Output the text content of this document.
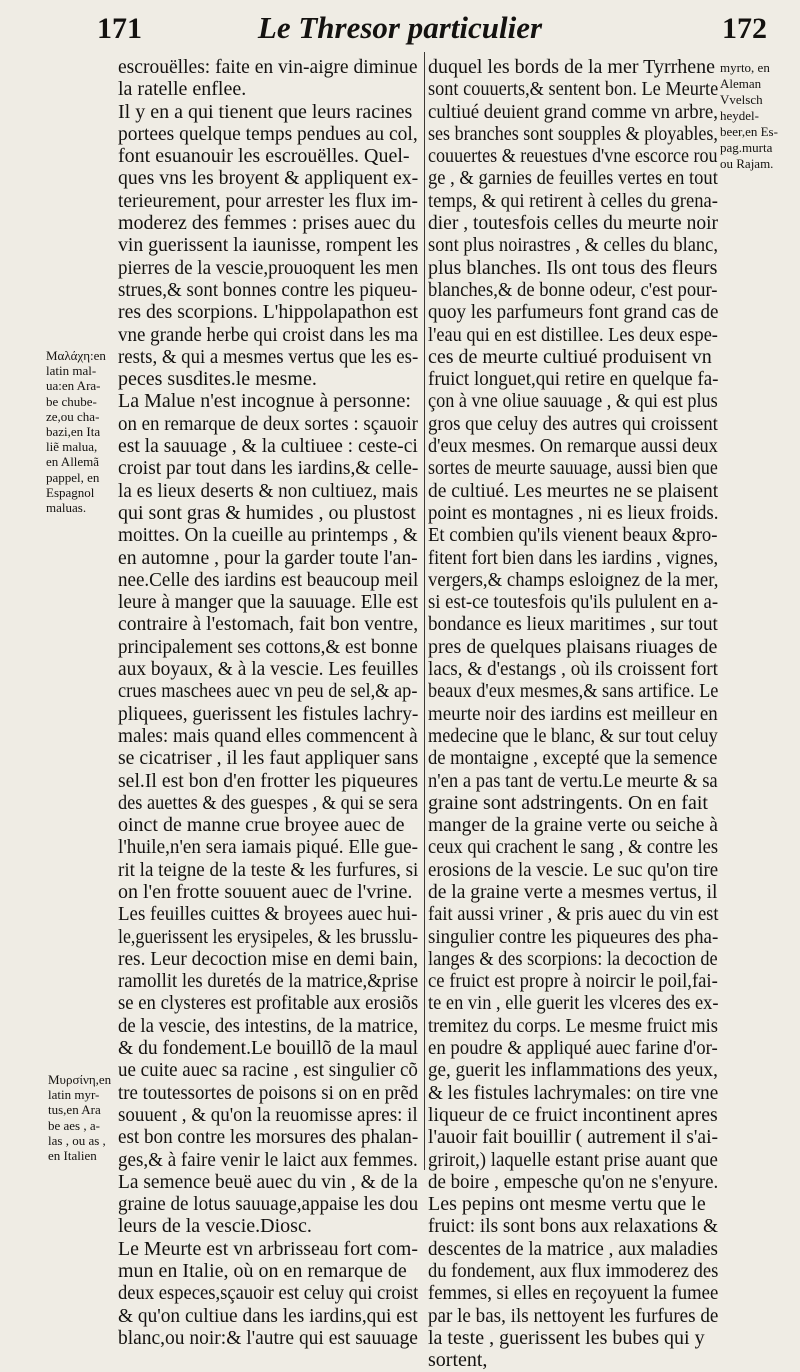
171	Le Thresor particulier	172
escrouëlles: faite en vin-aigre diminue
la ratelle enflee.
Il y en a qui tienent que leurs racines
portees quelque temps pendues au col,
font esuanouir les escrouëlles. Quel-
ques vns les broyent & appliquent ex-
terieurement, pour arrester les flux im-
moderez des femmes : prises auec du
vin guerissent la iaunisse, rompent les
pierres de la vescie,prouoquent les men
strues,& sont bonnes contre les piqueu-
res des scorpions. L'hippolapathon est
vne grande herbe qui croist dans les ma
rests, & qui a mesmes vertus que les es-
peces susdites.le mesme.
La Malue n'est incognue à personne:
on en remarque de deux sortes : sçauoir
est la sauuage , & la cultiuee : ceste-ci
croist par tout dans les iardins,& celle-
la es lieux deserts & non cultiuez, mais
qui sont gras & humides , ou plustost
moittes. On la cueille au printemps , &
en automne , pour la garder toute l'an-
nee.Celle des iardins est beaucoup meil
leure à manger que la sauuage. Elle est
contraire à l'estomach, fait bon ventre,
principalement ses cottons,& est bonne
aux boyaux, & à la vescie. Les feuilles
crues maschees auec vn peu de sel,& ap-
pliquees, guerissent les fistules lachry-
males: mais quand elles commencent à
se cicatriser , il les faut appliquer sans
sel.Il est bon d'en frotter les piqueures
des auettes & des guespes , & qui se sera
oinct de manne crue broyee auec de
l'huile,n'en sera iamais piqué. Elle gue-
rit la teigne de la teste & les furfures, si
on l'en frotte souuent auec de l'vrine.
Les feuilles cuittes & broyees auec hui-
le,guerissent les erysipeles, & les brusslu-
res. Leur decoction mise en demi bain,
ramollit les duretés de la matrice,&prise
se en clysteres est profitable aux erosiõs
de la vescie, des intestins, de la matrice,
& du fondement.Le bouillõ de la maul
ue cuite auec sa racine , est singulier cõ
tre toutessortes de poisons si on en prẽd
souuent , & qu'on la reuomisse apres: il
est bon contre les morsures des phalan-
ges,& à faire venir le laict aux femmes.
La semence beuë auec du vin , & de la
graine de lotus sauuage,appaise les dou
leurs de la vescie.Diosc.
Le Meurte est vn arbrisseau fort com-
mun en Italie, où on en remarque de
deux especes,sçauoir est celuy qui croist
& qu'on cultiue dans les iardins,qui est
blanc,ou noir:& l'autre qui est sauuage
duquel les bords de la mer Tyrrhene
sont couuerts,& sentent bon. Le Meurte
cultiué deuient grand comme vn arbre,
ses branches sont soupples & ployables,
couuertes & reuestues d'vne escorce rou
ge , & garnies de feuilles vertes en tout
temps, & qui retirent à celles du grena-
dier , toutesfois celles du meurte noir
sont plus noirastres , & celles du blanc,
plus blanches. Ils ont tous des fleurs
blanches,& de bonne odeur, c'est pour-
quoy les parfumeurs font grand cas de
l'eau qui en est distillee. Les deux espe-
ces de meurte cultiué produisent vn
fruict longuet,qui retire en quelque fa-
çon à vne oliue sauuage , & qui est plus
gros que celuy des autres qui croissent
d'eux mesmes. On remarque aussi deux
sortes de meurte sauuage, aussi bien que
de cultiué. Les meurtes ne se plaisent
point es montagnes , ni es lieux froids.
Et combien qu'ils vienent beaux &pro-
fitent fort bien dans les iardins , vignes,
vergers,& champs esloignez de la mer,
si est-ce toutesfois qu'ils pululent en a-
bondance es lieux maritimes , sur tout
pres de quelques plaisans riuages de
lacs, & d'estangs , où ils croissent fort
beaux d'eux mesmes,& sans artifice. Le
meurte noir des iardins est meilleur en
medecine que le blanc, & sur tout celuy
de montaigne , excepté que la semence
n'en a pas tant de vertu.Le meurte & sa
graine sont adstringents. On en fait
manger de la graine verte ou seiche à
ceux qui crachent le sang , & contre les
erosions de la vescie. Le suc qu'on tire
de la graine verte a mesmes vertus, il
fait aussi vriner , & pris auec du vin est
singulier contre les piqueures des pha-
langes & des scorpions: la decoction de
ce fruict est propre à noircir le poil,fai-
te en vin , elle guerit les vlceres des ex-
tremitez du corps. Le mesme fruict mis
en poudre & appliqué auec farine d'or-
ge, guerit les inflammations des yeux,
& les fistules lachrymales: on tire vne
liqueur de ce fruict incontinent apres
l'auoir fait bouillir ( autrement il s'ai-
griroit,) laquelle estant prise auant que
de boire , empesche qu'on ne s'enyure.
Les pepins ont mesme vertu que le
fruict: ils sont bons aux relaxations &
descentes de la matrice , aux maladies
du fondement, aux flux immoderez des
femmes, si elles en reçoyuent la fumee
par le bas, ils nettoyent les furfures de
la teste , guerissent les bubes qui y
sortent,
Μαλάχη:en
latin mal-
ua:en Ara-
be chube-
ze,ou cha-
bazi,en Ita
liẽ malua,
en Allemã
pappel, en
Espagnol
maluas.
Μυρσίνη,en
latin myr-
tus,en Ara
be aes , a-
las , ou as ,
en Italien
myrto, en
Aleman
Vvelsch
heydel-
beer,en Es-
pag.murta
ou Rajam.
